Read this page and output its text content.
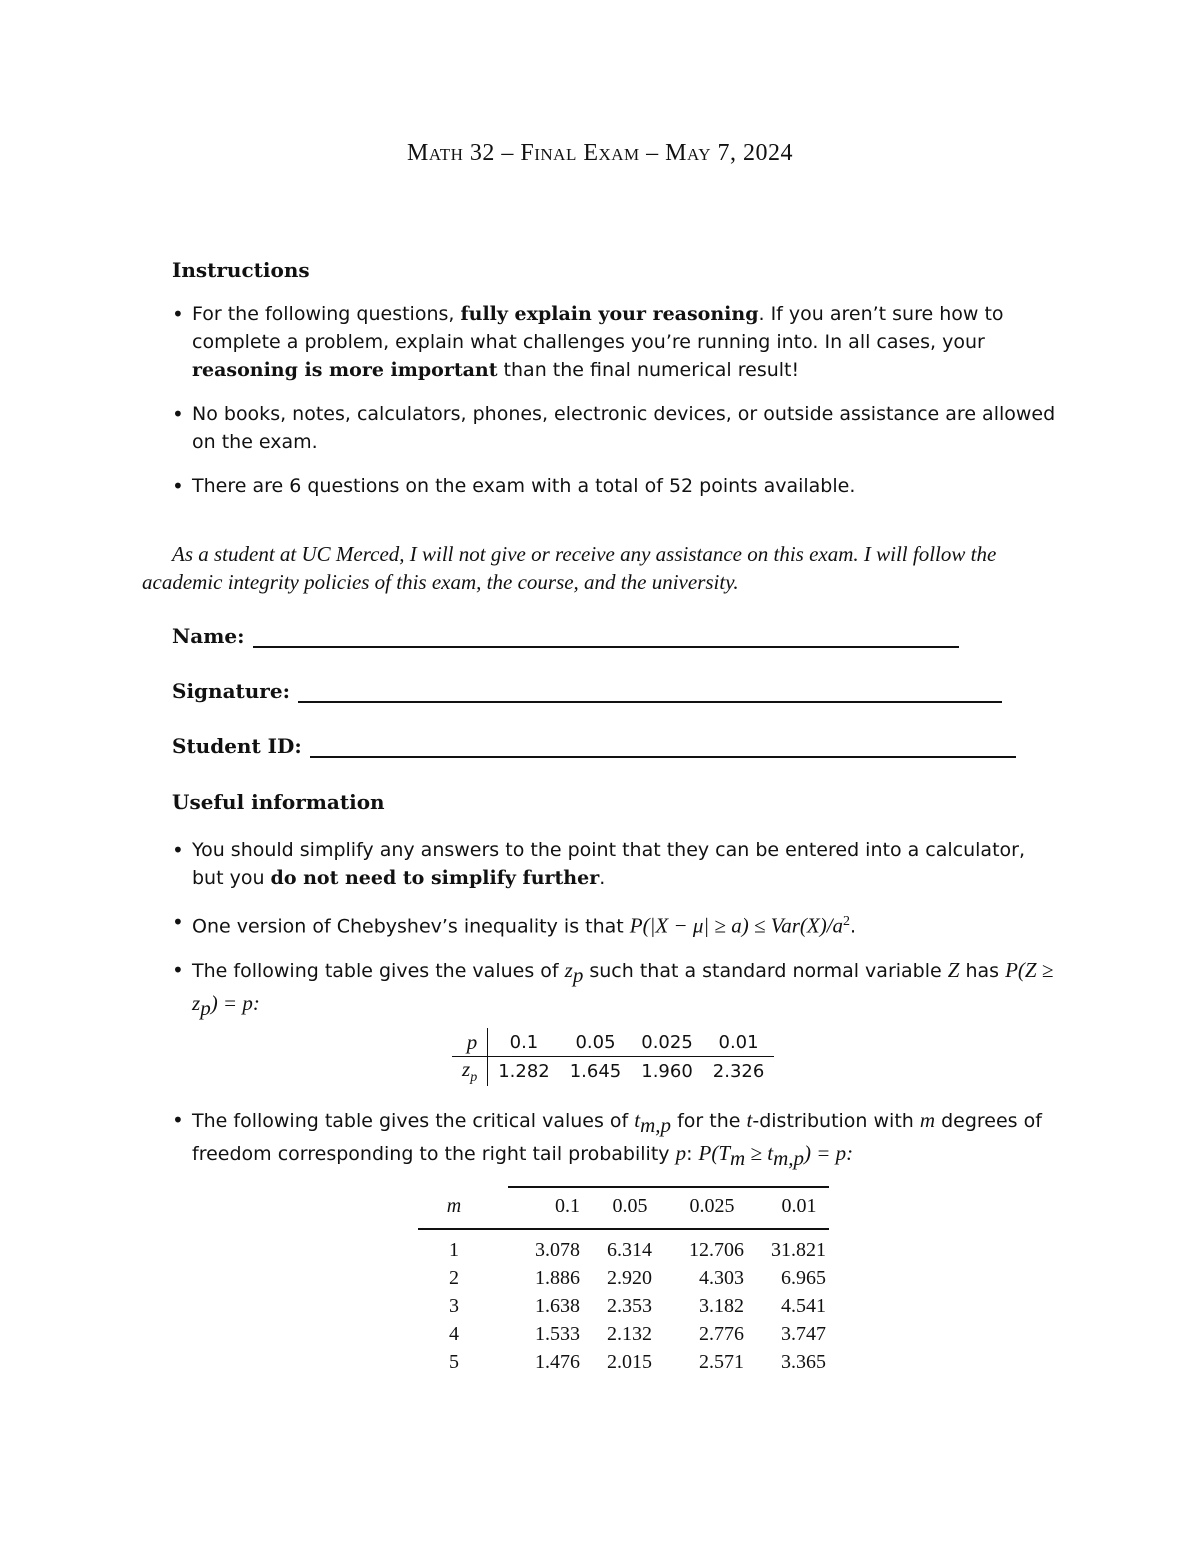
Math 32 – Final Exam – May 7, 2024
Instructions
• For the following questions, fully explain your reasoning. If you aren’t sure how to complete a problem, explain what challenges you’re running into. In all cases, your reasoning is more important than the final numerical result!
• No books, notes, calculators, phones, electronic devices, or outside assistance are allowed on the exam.
• There are 6 questions on the exam with a total of 52 points available.
As a student at UC Merced, I will not give or receive any assistance on this exam. I will follow the academic integrity policies of this exam, the course, and the university.
Name:
Signature:
Student ID:
Useful information
• You should simplify any answers to the point that they can be entered into a calculator, but you do not need to simplify further.
• One version of Chebyshev’s inequality is that $P(|X - \mu| \ge a) \le Var(X)/a^2$.
• The following table gives the values of $z_p$ such that a standard normal variable Z has $P(Z \ge z_p) = p$:
p	0.1	0.05	0.025	0.01
$z_p$	1.282	1.645	1.960	2.326
• The following table gives the critical values of $t_{m,p}$ for the t-distribution with m degrees of freedom corresponding to the right tail probability p: $P(T_m \ge t_{m,p}) = p$:
m	0.1	0.05	0.025	0.01
1	3.078	6.314	12.706	31.821
2	1.886	2.920	4.303	6.965
3	1.638	2.353	3.182	4.541
4	1.533	2.132	2.776	3.747
5	1.476	2.015	2.571	3.365
